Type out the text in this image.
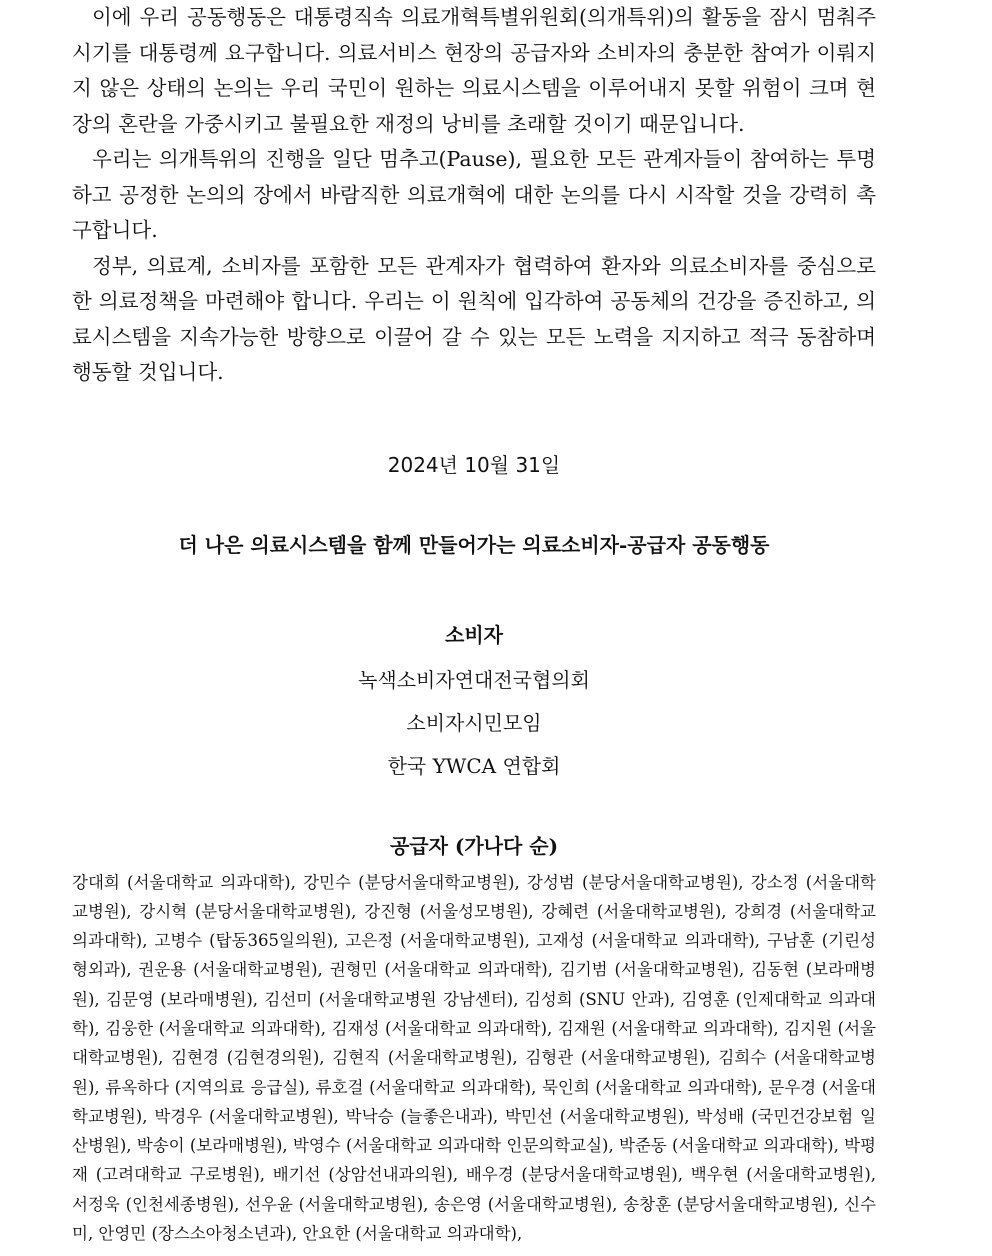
이에 우리 공동행동은 대통령직속 의료개혁특별위원회(의개특위)의 활동을 잠시 멈춰주시기를 대통령께 요구합니다. 의료서비스 현장의 공급자와 소비자의 충분한 참여가 이뤄지지 않은 상태의 논의는 우리 국민이 원하는 의료시스템을 이루어내지 못할 위험이 크며 현장의 혼란을 가중시키고 불필요한 재정의 낭비를 초래할 것이기 때문입니다.

우리는 의개특위의 진행을 일단 멈추고(Pause), 필요한 모든 관계자들이 참여하는 투명하고 공정한 논의의 장에서 바람직한 의료개혁에 대한 논의를 다시 시작할 것을 강력히 촉구합니다.

정부, 의료계, 소비자를 포함한 모든 관계자가 협력하여 환자와 의료소비자를 중심으로 한 의료정책을 마련해야 합니다. 우리는 이 원칙에 입각하여 공동체의 건강을 증진하고, 의료시스템을 지속가능한 방향으로 이끌어 갈 수 있는 모든 노력을 지지하고 적극 동참하며 행동할 것입니다.

2024년 10월 31일
더 나은 의료시스템을 함께 만들어가는 의료소비자-공급자 공동행동
소비자
녹색소비자연대전국협의회
소비자시민모임
한국 YWCA 연합회
공급자 (가나다 순)
강대희 (서울대학교 의과대학), 강민수 (분당서울대학교병원), 강성범 (분당서울대학교병원), 강소정 (서울대학교병원), 강시혁 (분당서울대학교병원), 강진형 (서울성모병원), 강혜련 (서울대학교병원), 강희경 (서울대학교 의과대학), 고병수 (탑동365일의원), 고은정 (서울대학교병원), 고재성 (서울대학교 의과대학), 구남훈 (기린성형외과), 권운용 (서울대학교병원), 권형민 (서울대학교 의과대학), 김기범 (서울대학교병원), 김동현 (보라매병원), 김문영 (보라매병원), 김선미 (서울대학교병원 강남센터), 김성희 (SNU 안과), 김영훈 (인제대학교 의과대학), 김웅한 (서울대학교 의과대학), 김재성 (서울대학교 의과대학), 김재원 (서울대학교 의과대학), 김지원 (서울대학교병원), 김현경 (김현경의원), 김현직 (서울대학교병원), 김형관 (서울대학교병원), 김희수 (서울대학교병원), 류옥하다 (지역의료 응급실), 류호걸 (서울대학교 의과대학), 묵인희 (서울대학교 의과대학), 문우경 (서울대학교병원), 박경우 (서울대학교병원), 박낙승 (늘좋은내과), 박민선 (서울대학교병원), 박성배 (국민건강보험 일산병원), 박송이 (보라매병원), 박영수 (서울대학교 의과대학 인문의학교실), 박준동 (서울대학교 의과대학), 박평재 (고려대학교 구로병원), 배기선 (상암선내과의원), 배우경 (분당서울대학교병원), 백우현 (서울대학교병원), 서정욱 (인천세종병원), 선우윤 (서울대학교병원), 송은영 (서울대학교병원), 송창훈 (분당서울대학교병원), 신수미, 안영민 (장스소아청소년과), 안요한 (서울대학교 의과대학),
